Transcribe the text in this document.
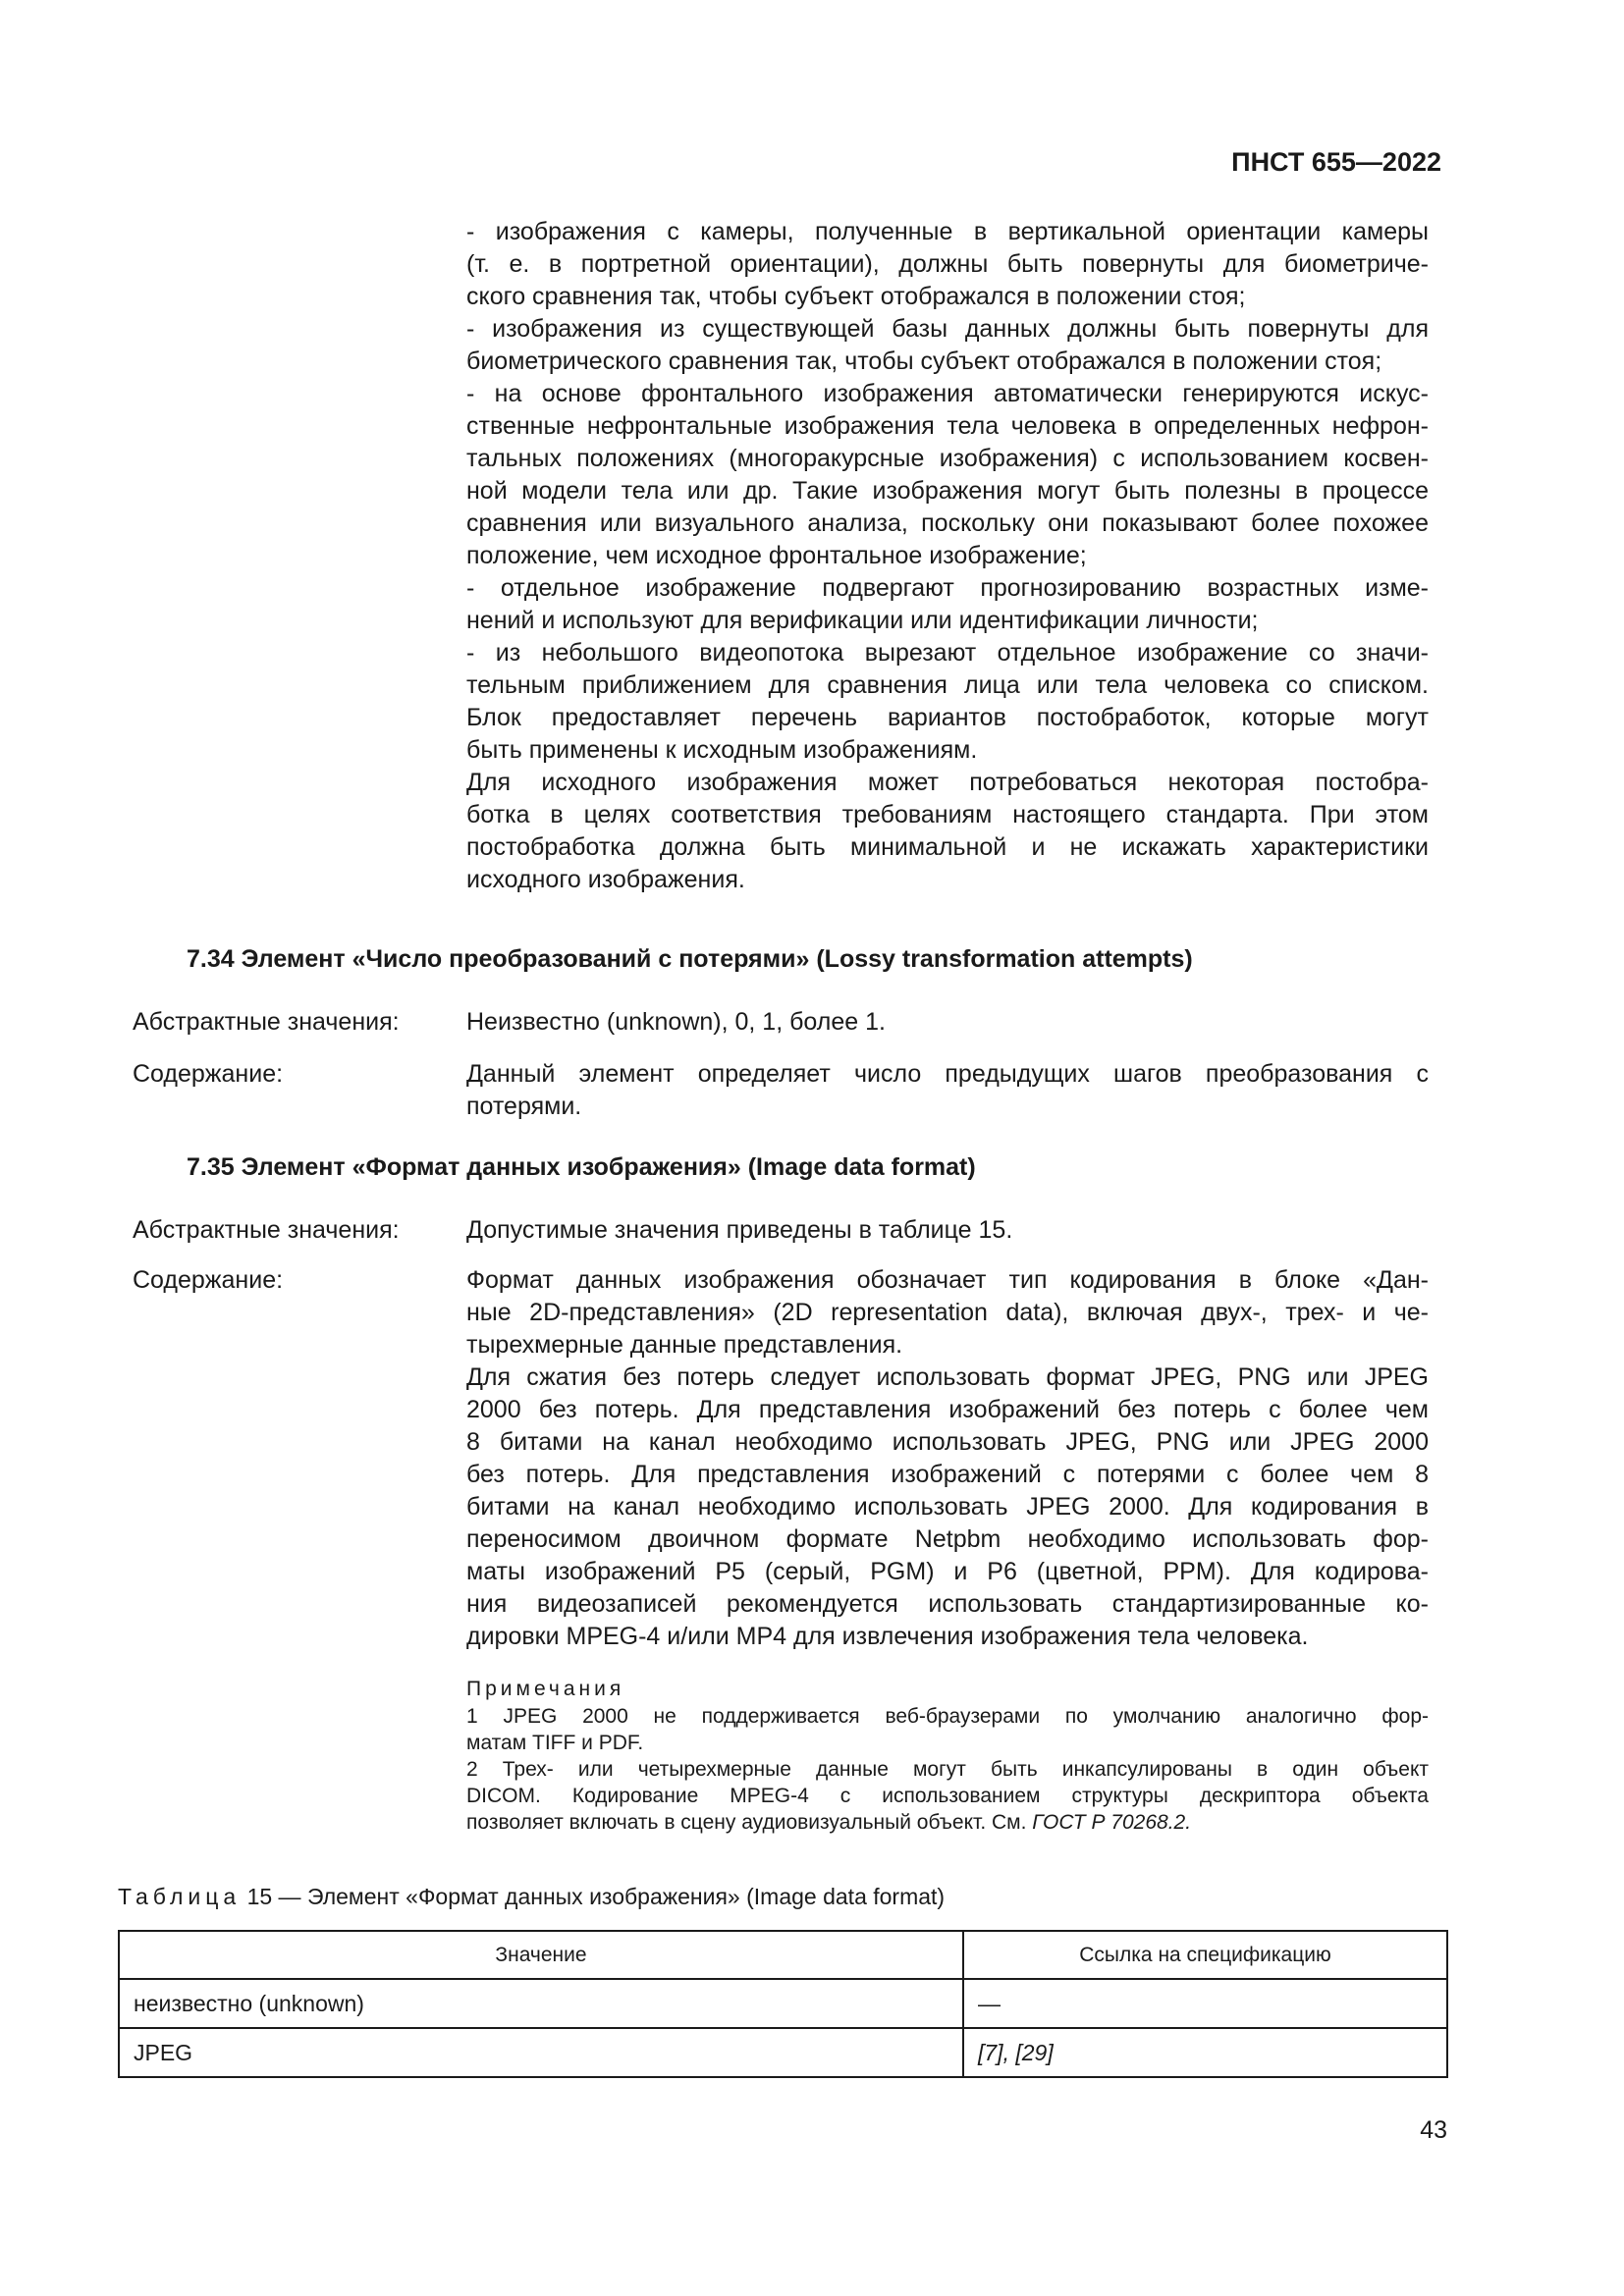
ПНСТ 655—2022
- изображения с камеры, полученные в вертикальной ориентации камеры
(т. е. в портретной ориентации), должны быть повернуты для биометриче-
ского сравнения так, чтобы субъект отображался в положении стоя;
- изображения из существующей базы данных должны быть повернуты для
биометрического сравнения так, чтобы субъект отображался в положении стоя;
- на основе фронтального изображения автоматически генерируются искус-
ственные нефронтальные изображения тела человека в определенных нефрон-
тальных положениях (многоракурсные изображения) с использованием косвен-
ной модели тела или др. Такие изображения могут быть полезны в процессе
сравнения или визуального анализа, поскольку они показывают более похожее
положение, чем исходное фронтальное изображение;
- отдельное изображение подвергают прогнозированию возрастных изме-
нений и используют для верификации или идентификации личности;
- из небольшого видеопотока вырезают отдельное изображение со значи-
тельным приближением для сравнения лица или тела человека со списком.
Блок предоставляет перечень вариантов постобработок, которые могут
быть применены к исходным изображениям.
Для исходного изображения может потребоваться некоторая постобра-
ботка в целях соответствия требованиям настоящего стандарта. При этом
постобработка должна быть минимальной и не искажать характеристики
исходного изображения.
7.34 Элемент «Число преобразований с потерями» (Lossy transformation attempts)
Абстрактные значения:	Неизвестно (unknown), 0, 1, более 1.
Содержание:	Данный элемент определяет число предыдущих шагов преобразования с
потерями.
7.35 Элемент «Формат данных изображения» (Image data format)
Абстрактные значения:	Допустимые значения приведены в таблице 15.
Содержание:	Формат данных изображения обозначает тип кодирования в блоке «Дан-
ные 2D-представления» (2D representation data), включая двух-, трех- и че-
тырехмерные данные представления.
Для сжатия без потерь следует использовать формат JPEG, PNG или JPEG
2000 без потерь. Для представления изображений без потерь с более чем
8 битами на канал необходимо использовать JPEG, PNG или JPEG 2000
без потерь. Для представления изображений с потерями с более чем 8
битами на канал необходимо использовать JPEG 2000. Для кодирования в
переносимом двоичном формате Netpbm необходимо использовать фор-
маты изображений P5 (серый, PGM) и P6 (цветной, PPM). Для кодирова-
ния видеозаписей рекомендуется использовать стандартизированные ко-
дировки MPEG-4 и/или MP4 для извлечения изображения тела человека.
Примечания
1 JPEG 2000 не поддерживается веб-браузерами по умолчанию аналогично фор-
матам TIFF и PDF.
2 Трех- или четырехмерные данные могут быть инкапсулированы в один объект
DICOM. Кодирование MPEG-4 с использованием структуры дескриптора объекта
позволяет включать в сцену аудиовизуальный объект. См. ГОСТ Р 70268.2.
Таблица 15 — Элемент «Формат данных изображения» (Image data format)
Значение	Ссылка на спецификацию
неизвестно (unknown)	—
JPEG	[7], [29]
43
